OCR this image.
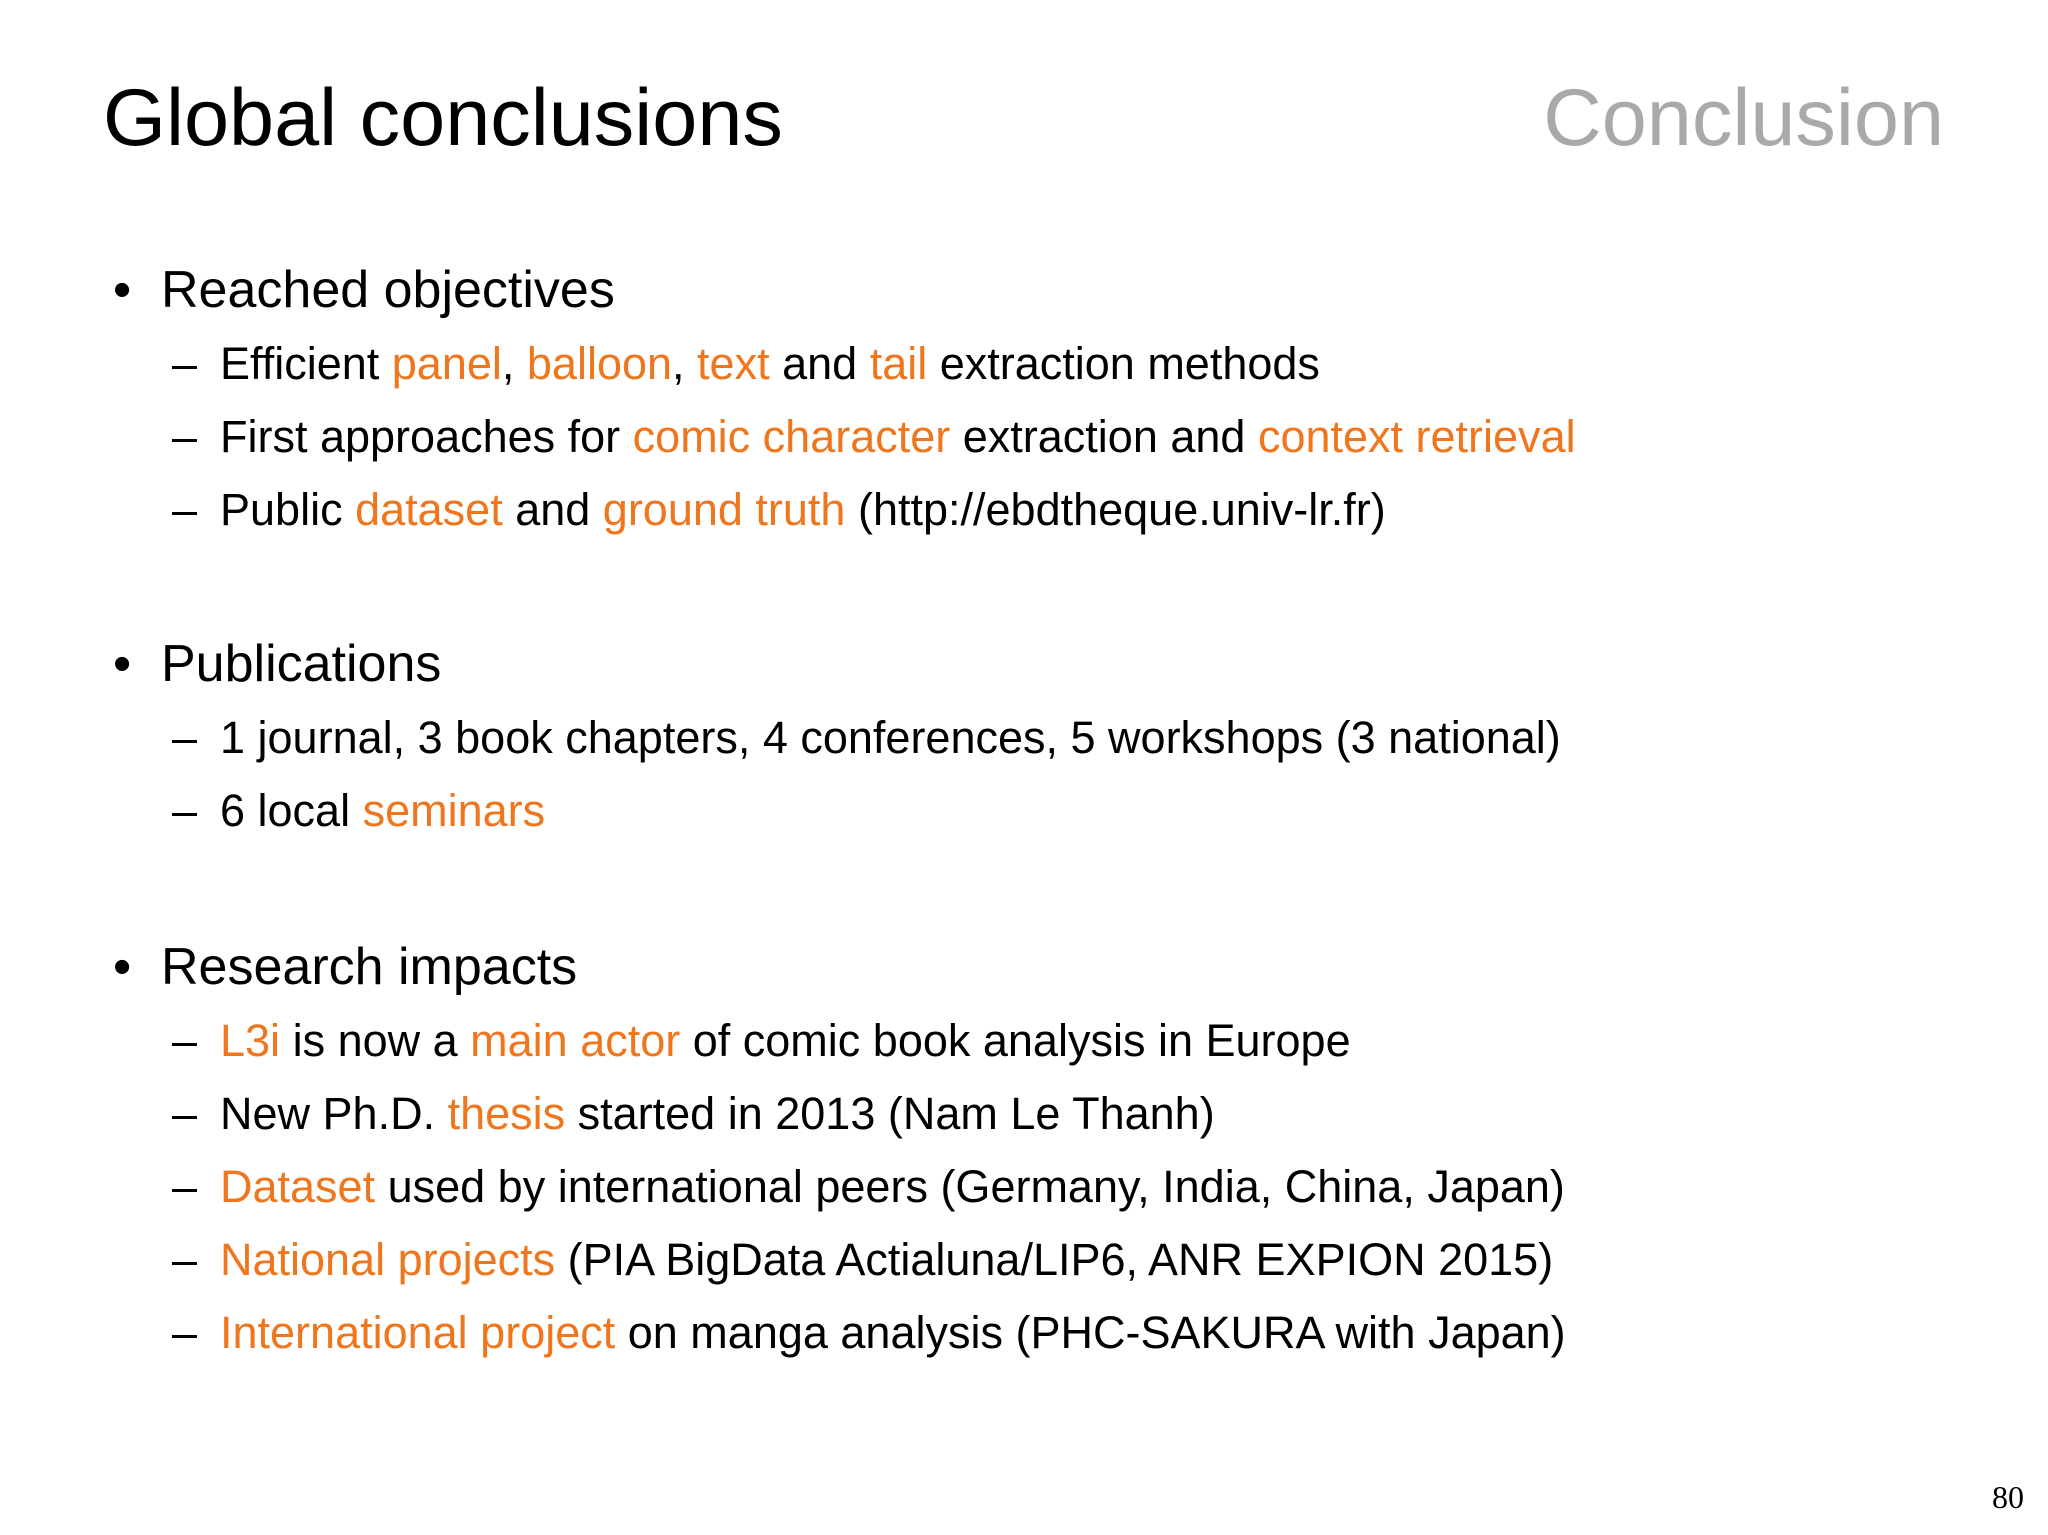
Global conclusions	Conclusion
• Reached objectives
– Efficient panel, balloon, text and tail extraction methods
– First approaches for comic character extraction and context retrieval
– Public dataset and ground truth (http://ebdtheque.univ-lr.fr)
• Publications
– 1 journal, 3 book chapters, 4 conferences, 5 workshops (3 national)
– 6 local seminars
• Research impacts
– L3i is now a main actor of comic book analysis in Europe
– New Ph.D. thesis started in 2013 (Nam Le Thanh)
– Dataset used by international peers (Germany, India, China, Japan)
– National projects (PIA BigData Actialuna/LIP6, ANR EXPION 2015)
– International project on manga analysis (PHC-SAKURA with Japan)
80
